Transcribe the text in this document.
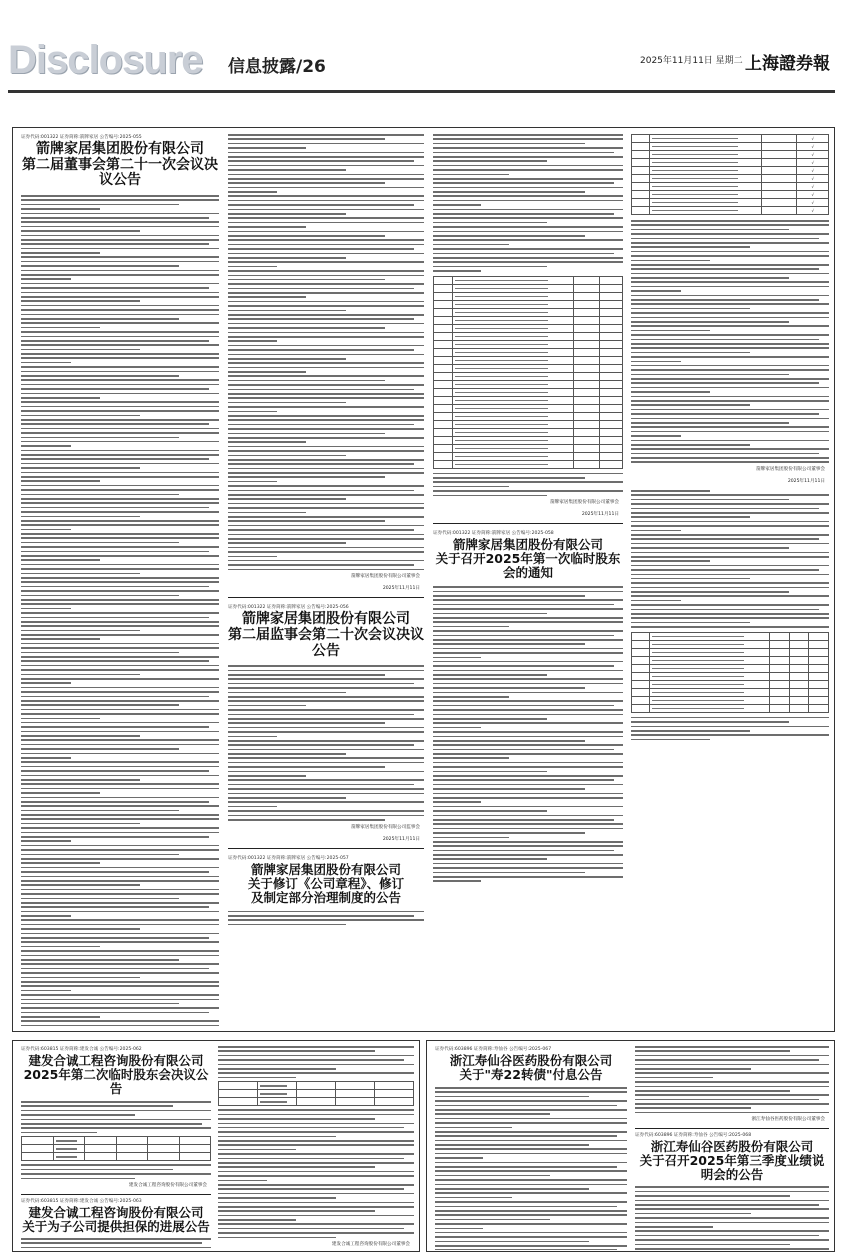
Disclosure 信息披露/26	2025年11月11日 星期二 上海證券報
证券代码:001322 证券简称:箭牌家居 公告编号:2025-055
箭牌家居集团股份有限公司
第二届董事会第二十一次会议决议公告
箭牌家居集团股份有限公司董事会
2025年11月11日
证券代码:001322 证券简称:箭牌家居 公告编号:2025-056
箭牌家居集团股份有限公司
第二届监事会第二十次会议决议公告
箭牌家居集团股份有限公司监事会
2025年11月11日
证券代码:001322 证券简称:箭牌家居 公告编号:2025-057
箭牌家居集团股份有限公司
关于修订《公司章程》、修订
及制定部分治理制度的公告

箭牌家居集团股份有限公司董事会
2025年11月11日
证券代码:001322 证券简称:箭牌家居 公告编号:2025-058
箭牌家居集团股份有限公司
关于召开2025年第一次临时股东会的通知
			√
			√
			√
			√
			√
			√
			√
			√
			√
			√
箭牌家居集团股份有限公司董事会
2025年11月11日

证券代码:603815 证券简称:建发合诚 公告编号:2025-062
建发合诚工程咨询股份有限公司
2025年第二次临时股东会决议公告

建发合诚工程咨询股份有限公司董事会
证券代码:603815 证券简称:建发合诚 公告编号:2025-063
建发合诚工程咨询股份有限公司
关于为子公司提供担保的进展公告

建发合诚工程咨询股份有限公司董事会
证券代码:603896 证券简称:寿仙谷 公告编号:2025-067
浙江寿仙谷医药股份有限公司
关于"寿22转债"付息公告
浙江寿仙谷医药股份有限公司董事会
证券代码:603896 证券简称:寿仙谷 公告编号:2025-068
浙江寿仙谷医药股份有限公司
关于召开2025年第三季度业绩说明会的公告
